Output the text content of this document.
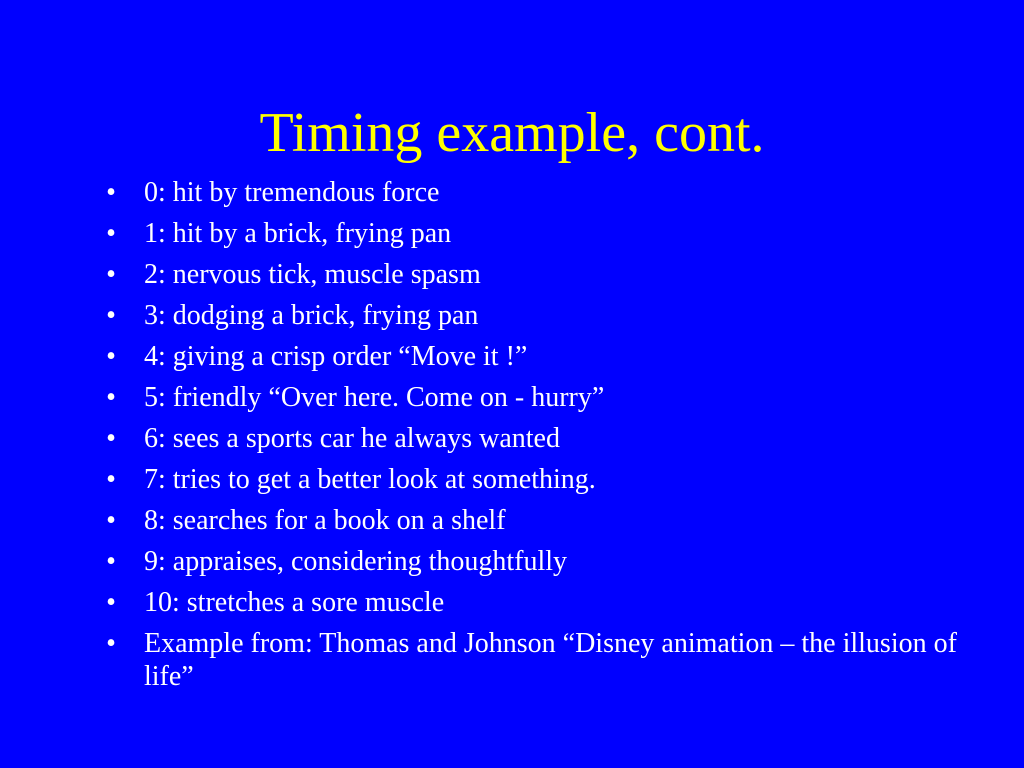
Timing example, cont.
• 0: hit by tremendous force
• 1: hit by a brick, frying pan
• 2: nervous tick, muscle spasm
• 3: dodging a brick, frying pan
• 4: giving a crisp order “Move it !”
• 5: friendly “Over here. Come on - hurry”
• 6: sees a sports car he always wanted
• 7: tries to get a better look at something.
• 8: searches for a book on a shelf
• 9: appraises, considering thoughtfully
• 10: stretches a sore muscle
• Example from: Thomas and Johnson “Disney animation – the illusion of life”
